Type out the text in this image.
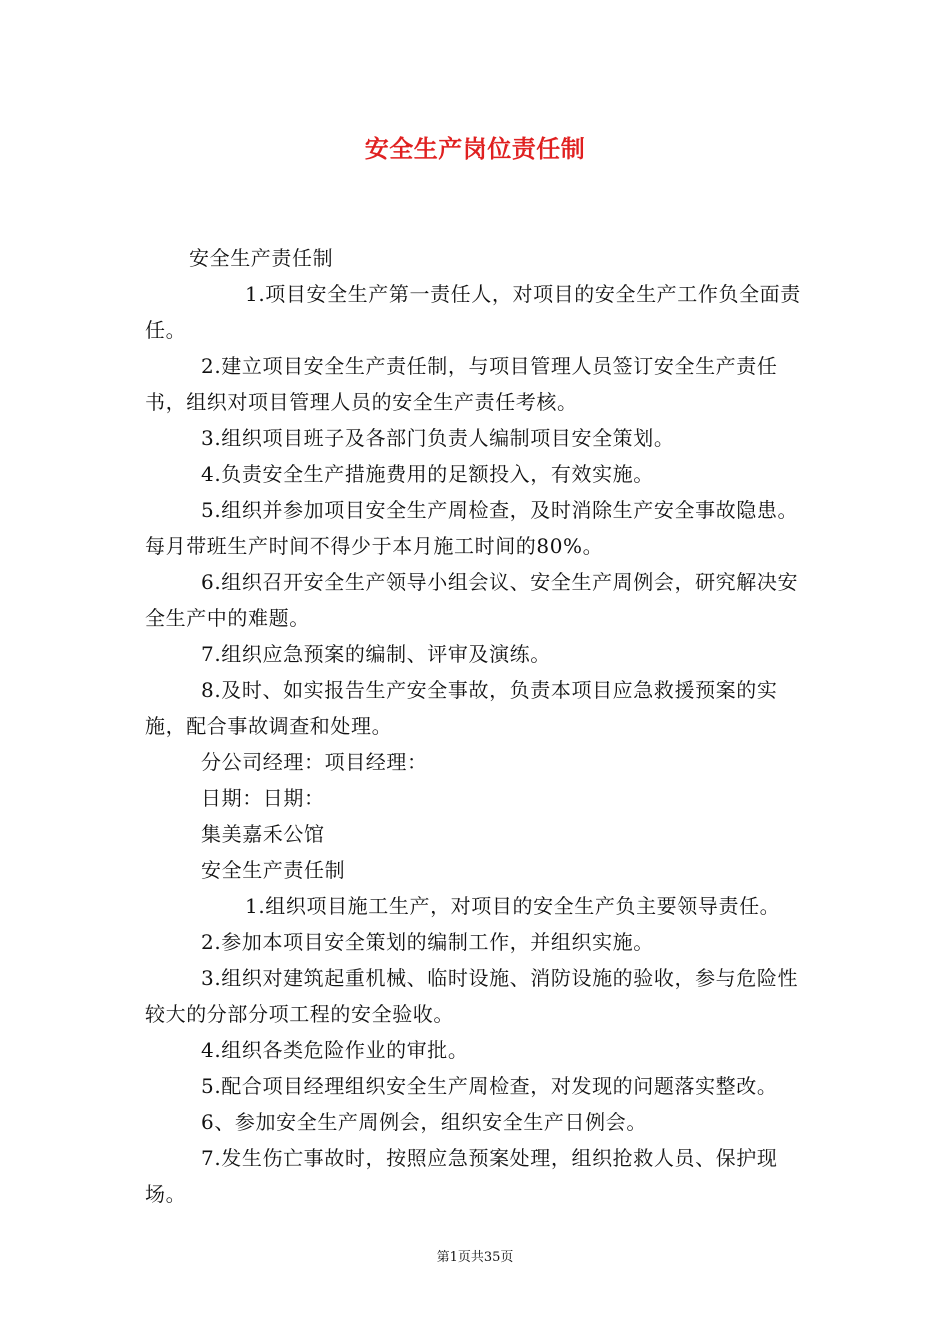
安全生产岗位责任制

安全生产责任制

1.项目安全生产第一责任人，对项目的安全生产工作负全面责任。

2.建立项目安全生产责任制，与项目管理人员签订安全生产责任书，组织对项目管理人员的安全生产责任考核。

3.组织项目班子及各部门负责人编制项目安全策划。

4.负责安全生产措施费用的足额投入，有效实施。

5.组织并参加项目安全生产周检查，及时消除生产安全事故隐患。每月带班生产时间不得少于本月施工时间的80%。

6.组织召开安全生产领导小组会议、安全生产周例会，研究解决安全生产中的难题。

7.组织应急预案的编制、评审及演练。

8.及时、如实报告生产安全事故，负责本项目应急救援预案的实施，配合事故调查和处理。

分公司经理：项目经理：

日期：日期：

集美嘉禾公馆

安全生产责任制

1.组织项目施工生产，对项目的安全生产负主要领导责任。

2.参加本项目安全策划的编制工作，并组织实施。

3.组织对建筑起重机械、临时设施、消防设施的验收，参与危险性较大的分部分项工程的安全验收。

4.组织各类危险作业的审批。

5.配合项目经理组织安全生产周检查，对发现的问题落实整改。

6、参加安全生产周例会，组织安全生产日例会。

7.发生伤亡事故时，按照应急预案处理，组织抢救人员、保护现场。

第1页共35页
